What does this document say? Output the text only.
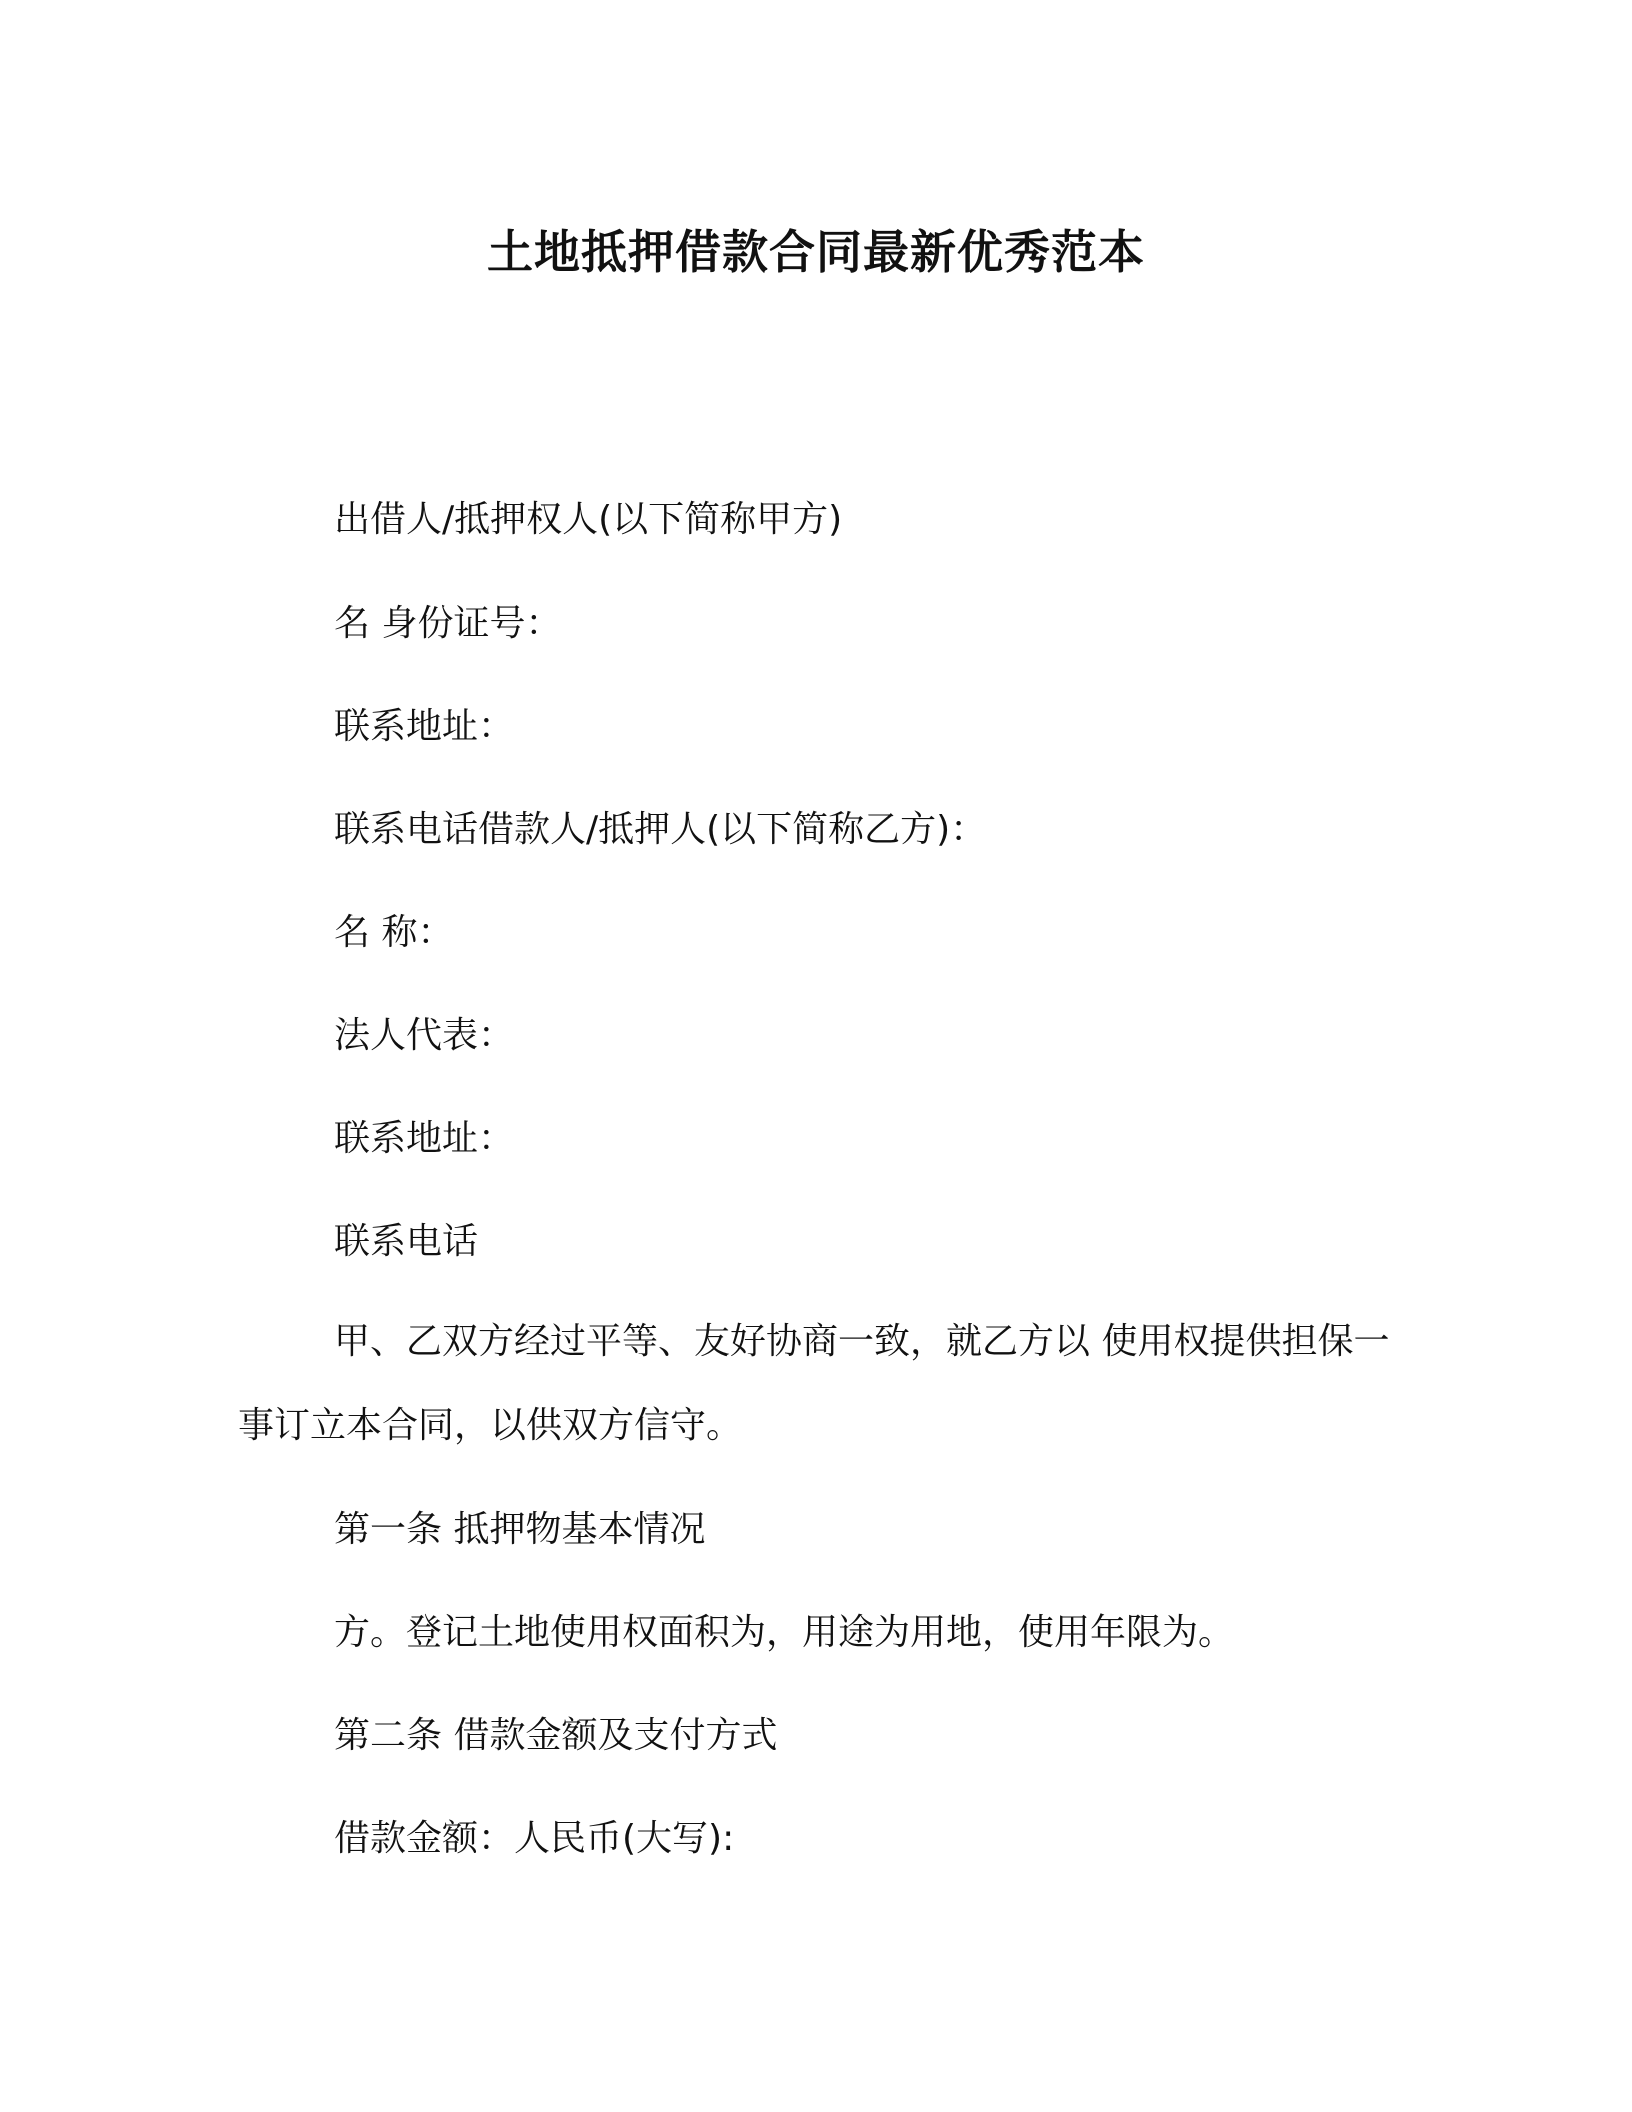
土地抵押借款合同最新优秀范本
出借人/抵押权人(以下简称甲方)
名 身份证号：
联系地址：
联系电话借款人/抵押人(以下简称乙方)：
名 称：
法人代表：
联系地址：
联系电话
甲、乙双方经过平等、友好协商一致，就乙方以 使用权提供担保一事订立本合同，以供双方信守。
第一条 抵押物基本情况
方。登记土地使用权面积为，用途为用地，使用年限为。
第二条 借款金额及支付方式
借款金额：人民币(大写):
